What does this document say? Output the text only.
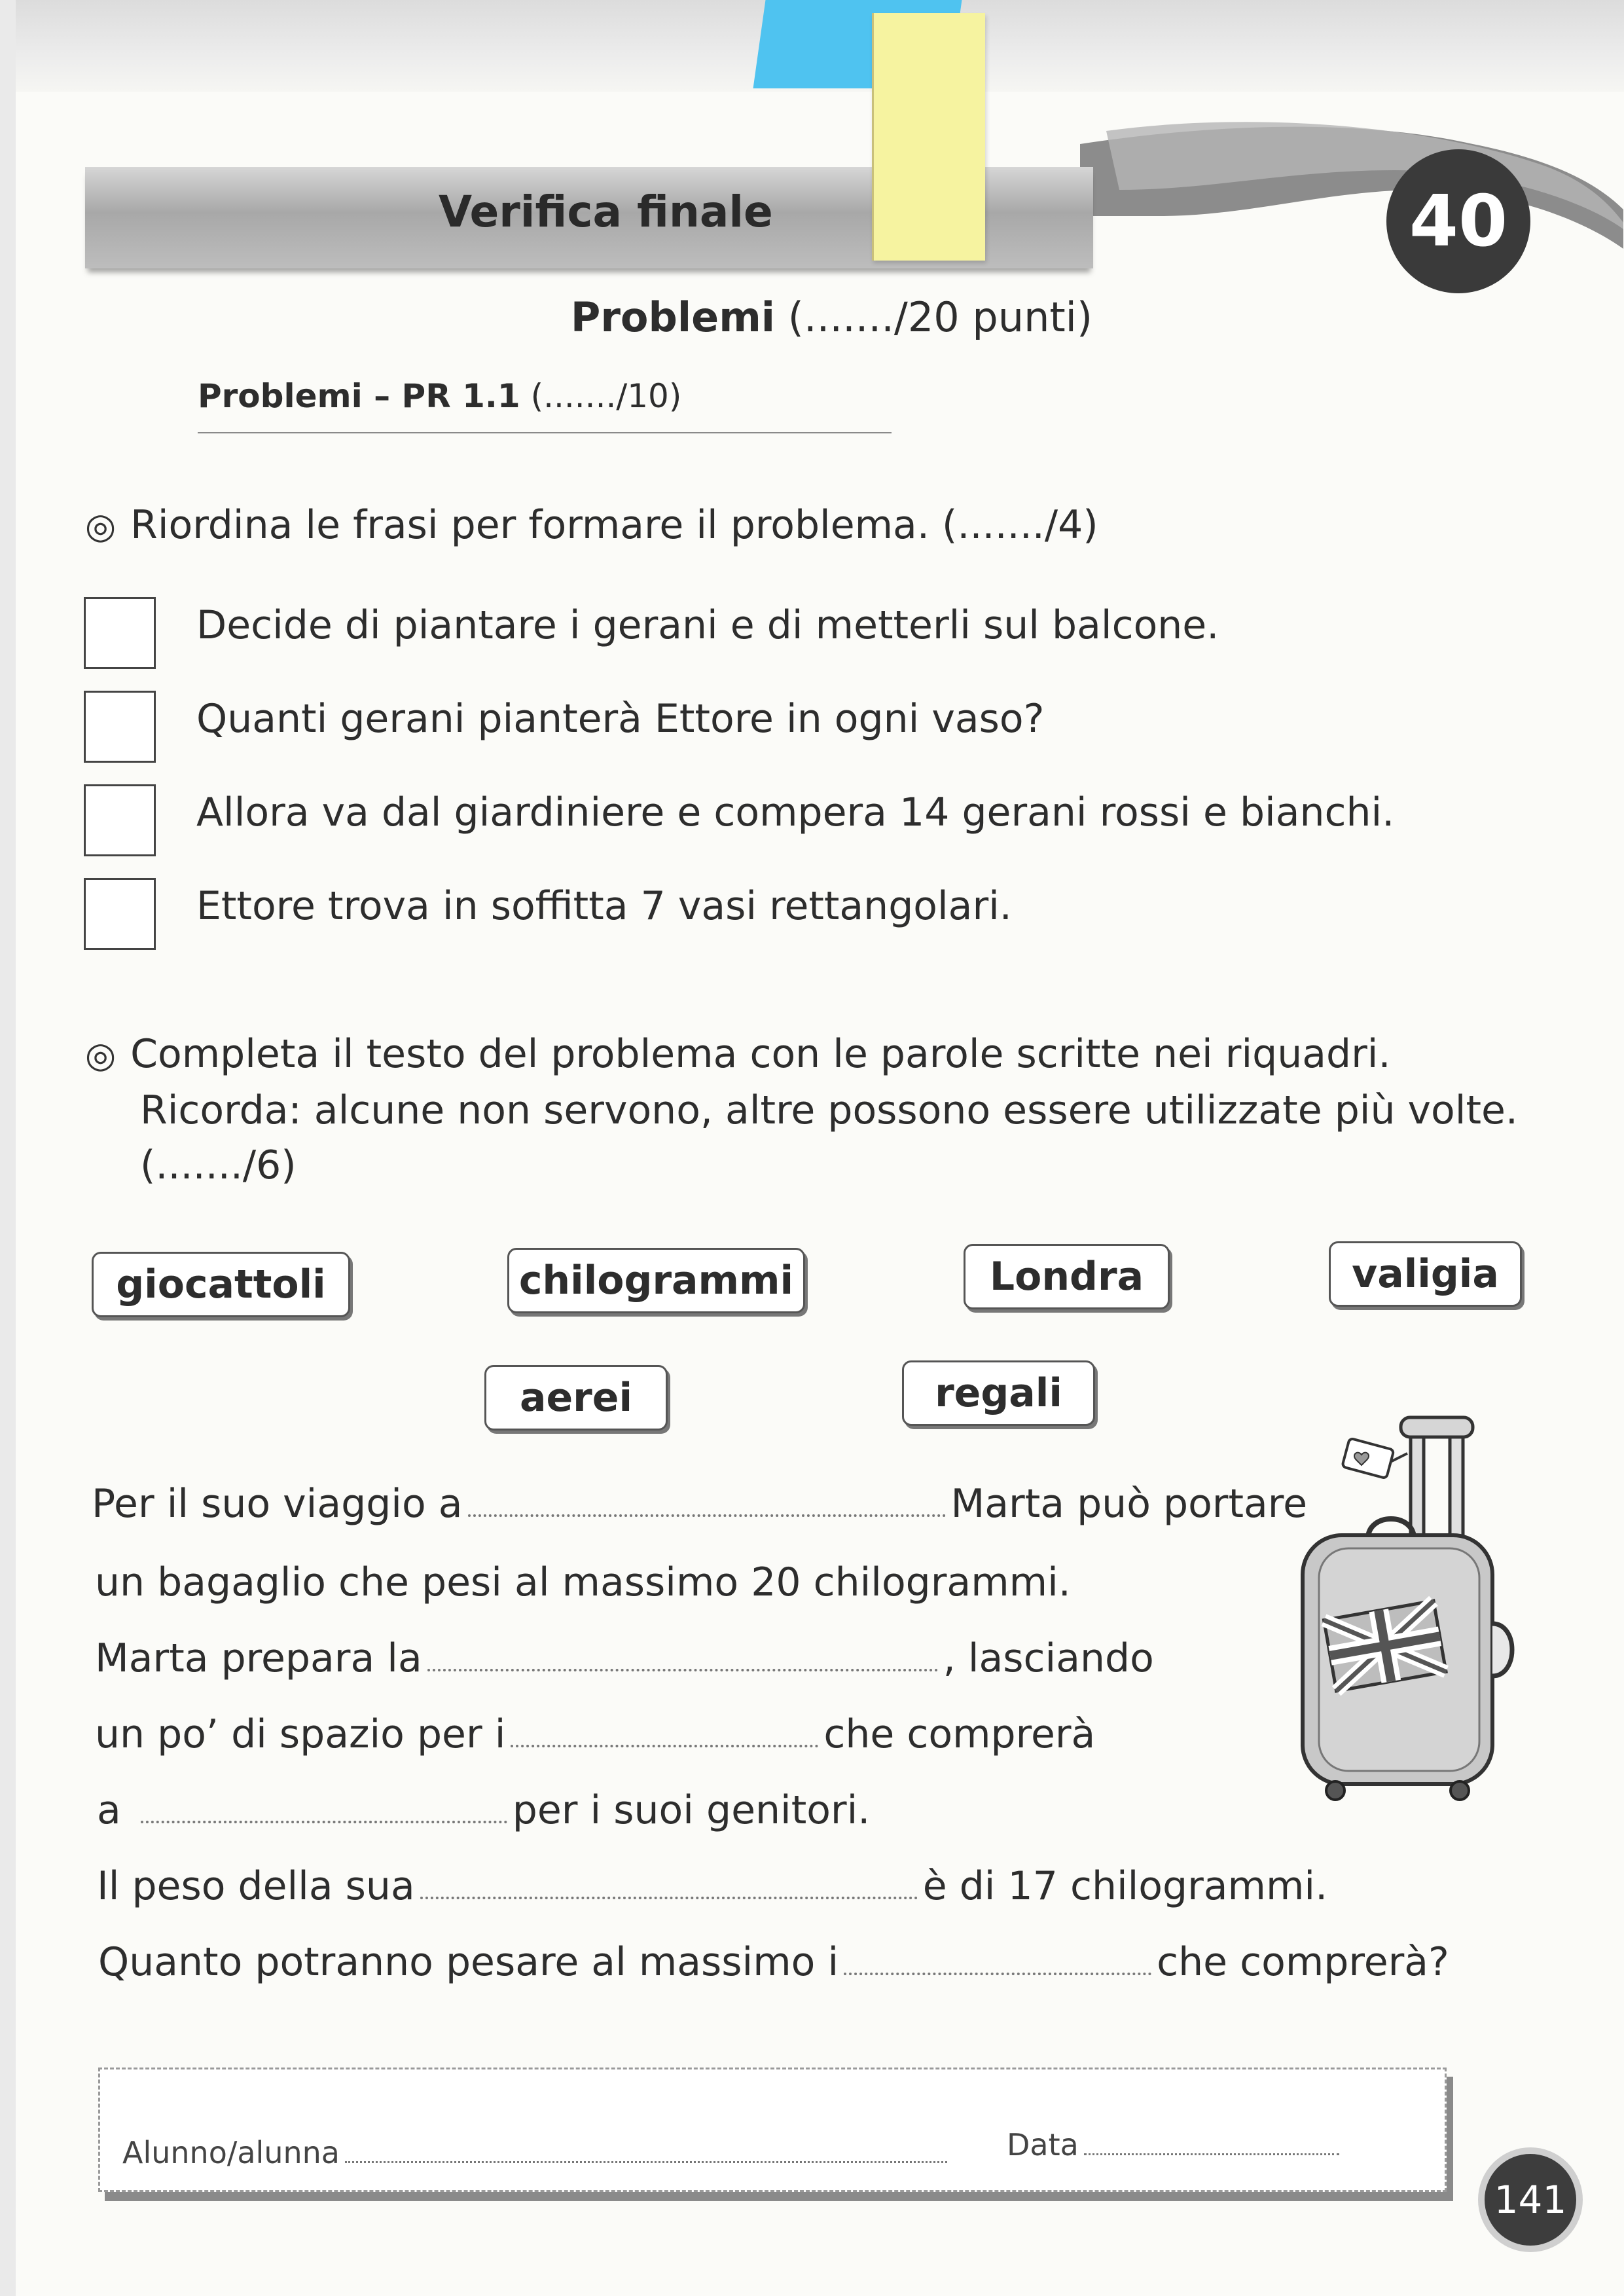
Verifica finale	40
Problemi (......./20 punti)
Problemi – PR 1.1 (......./10)
◎ Riordina le frasi per formare il problema. (......./4)
Decide di piantare i gerani e di metterli sul balcone.
Quanti gerani pianterà Ettore in ogni vaso?
Allora va dal giardiniere e compera 14 gerani rossi e bianchi.
Ettore trova in soffitta 7 vasi rettangolari.
◎ Completa il testo del problema con le parole scritte nei riquadri.
Ricorda: alcune non servono, altre possono essere utilizzate più volte.
(......./6)
giocattoli	chilogrammi	Londra	valigia
aerei	regali
Per il suo viaggio a	Marta può portare
un bagaglio che pesi al massimo 20 chilogrammi.
Marta prepara la	, lasciando
un po’ di spazio per i	che comprerà
a	per i suoi genitori.
Il peso della sua	è di 17 chilogrammi.
Quanto potranno pesare al massimo i	che comprerà?
Alunno/alunna	Data
141
